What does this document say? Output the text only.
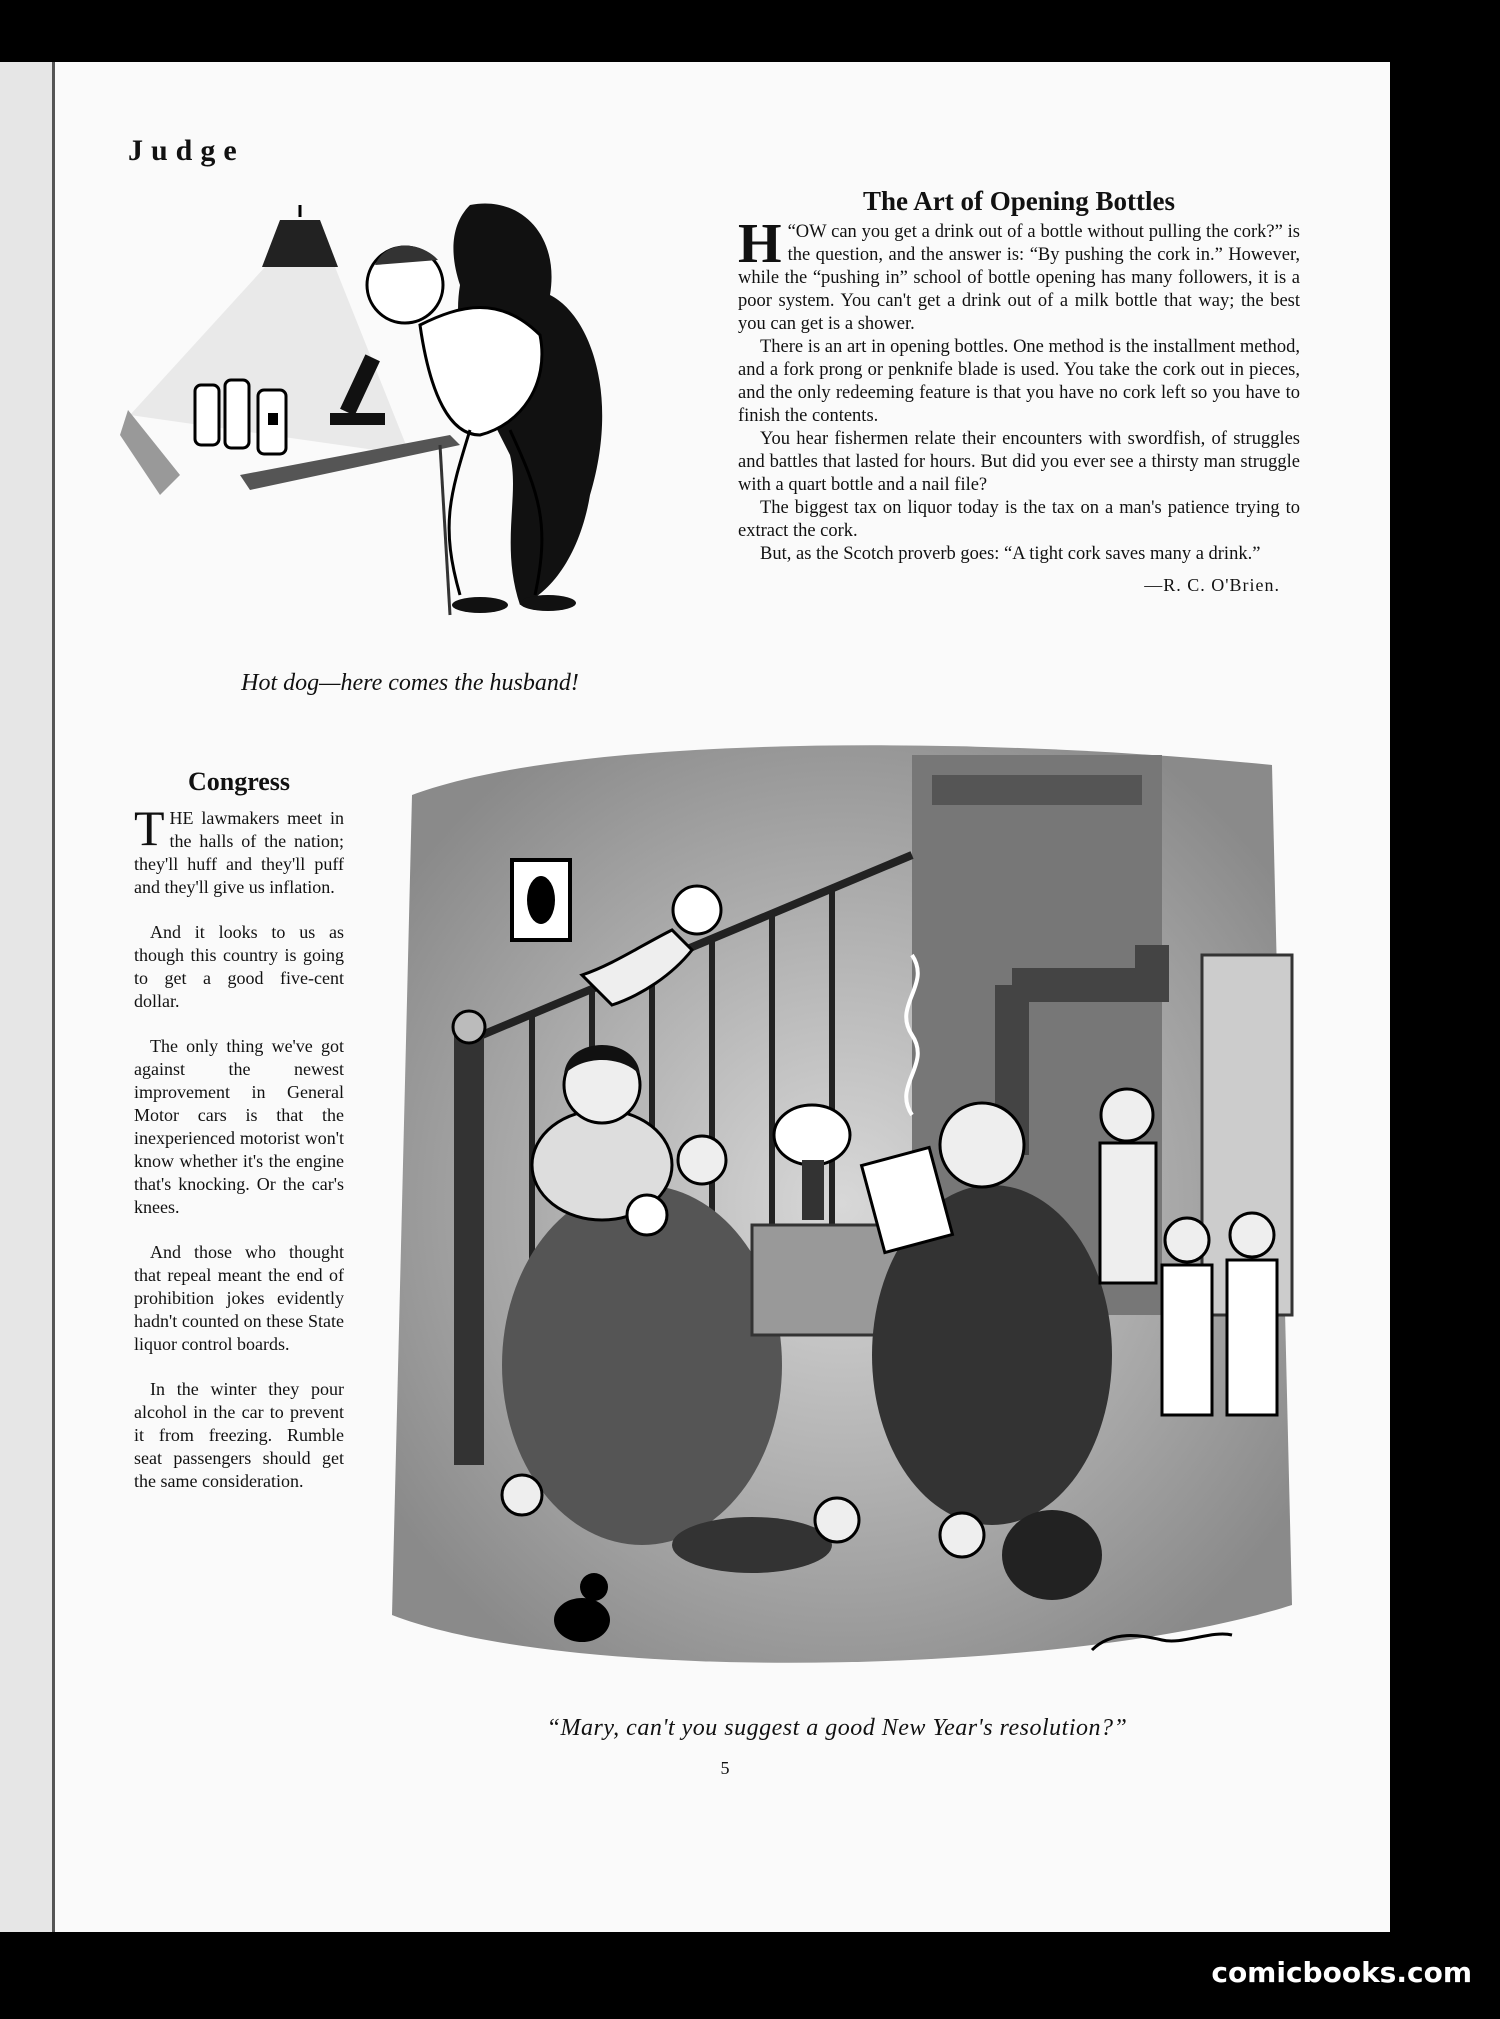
Judge
Hot dog—here comes the husband!
The Art of Opening Bottles

“
H OW can you get a drink out of a bottle without pulling the cork?” is the question, and the answer is: “By pushing the cork in.” However, while the “pushing in” school of bottle opening has many followers, it is a poor system. You can't get a drink out of a milk bottle that way; the best you can get is a shower.

There is an art in opening bottles. One method is the installment method, and a fork prong or penknife blade is used. You take the cork out in pieces, and the only redeeming feature is that you have no cork left so you have to finish the contents.

You hear fishermen relate their encounters with swordfish, of struggles and battles that lasted for hours. But did you ever see a thirsty man struggle with a quart bottle and a nail file?

The biggest tax on liquor today is the tax on a man's patience trying to extract the cork.

But, as the Scotch proverb goes: “A tight cork saves many a drink.”

—R. C. O'Brien.
Congress

THE lawmakers meet in the halls of the nation; they'll huff and they'll puff and they'll give us inflation.

And it looks to us as though this country is going to get a good five-cent dollar.

The only thing we've got against the newest improvement in General Motor cars is that the inexperienced motorist won't know whether it's the engine that's knocking. Or the car's knees.

And those who thought that repeal meant the end of prohibition jokes evidently hadn't counted on these State liquor control boards.

In the winter they pour alcohol in the car to prevent it from freezing. Rumble seat passengers should get the same consideration.

“Mary, can't you suggest a good New Year's resolution?”
5
comicbooks.com
